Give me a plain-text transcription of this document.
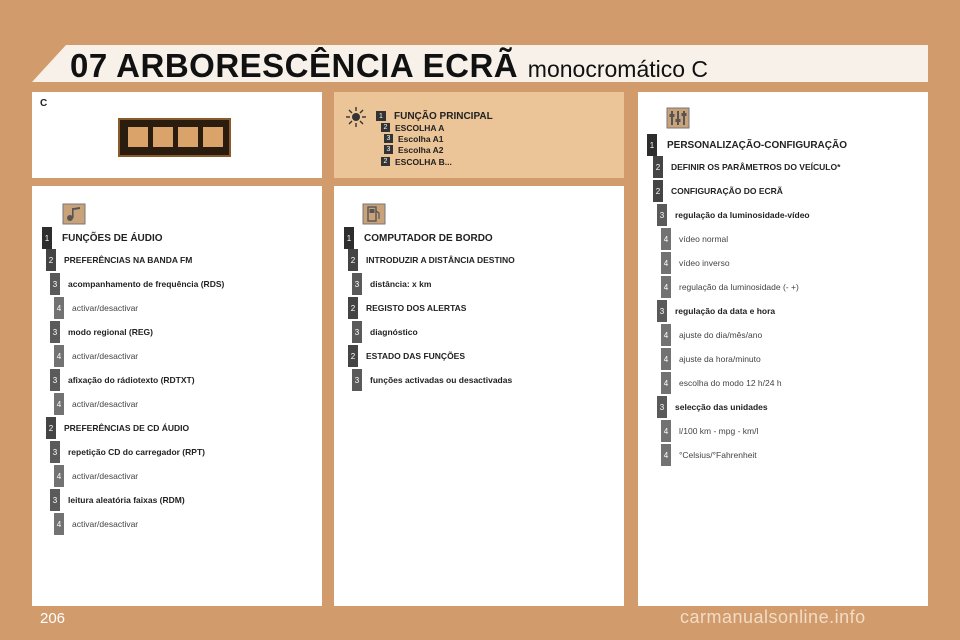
07 ARBORESCÊNCIA ECRÃ monocromático C
C
1	FUNÇÃO PRINCIPAL
2 ESCOLHA A
3 Escolha A1
3 Escolha A2
2 ESCOLHA B...
1 FUNÇÕES DE ÁUDIO
2	PREFERÊNCIAS NA BANDA FM
3	acompanhamento de frequência (RDS)
4	activar/desactivar
3	modo regional (REG)
4	activar/desactivar
3	afixação do rádiotexto (RDTXT)
4	activar/desactivar
2	PREFERÊNCIAS DE CD ÁUDIO
3	repetição CD do carregador (RPT)
4	activar/desactivar
3	leitura aleatória faixas (RDM)
4	activar/desactivar
1 COMPUTADOR DE BORDO
2	INTRODUZIR A DISTÂNCIA DESTINO
3	distância: x km
2	REGISTO DOS ALERTAS
3	diagnóstico
2	ESTADO DAS FUNÇÕES
3	funções activadas ou desactivadas
1 PERSONALIZAÇÃO-CONFIGURAÇÃO
2	DEFINIR OS PARÂMETROS DO VEÍCULO*
2	CONFIGURAÇÃO DO ECRÃ
3	regulação da luminosidade-vídeo
4	vídeo normal
4	vídeo inverso
4	regulação da luminosidade (- +)
3	regulação da data e hora
4	ajuste do dia/mês/ano
4	ajuste da hora/minuto
4	escolha do modo 12 h/24 h
3	selecção das unidades
4	l/100 km - mpg - km/l
4	°Celsius/°Fahrenheit
206	carmanualsonline.info
